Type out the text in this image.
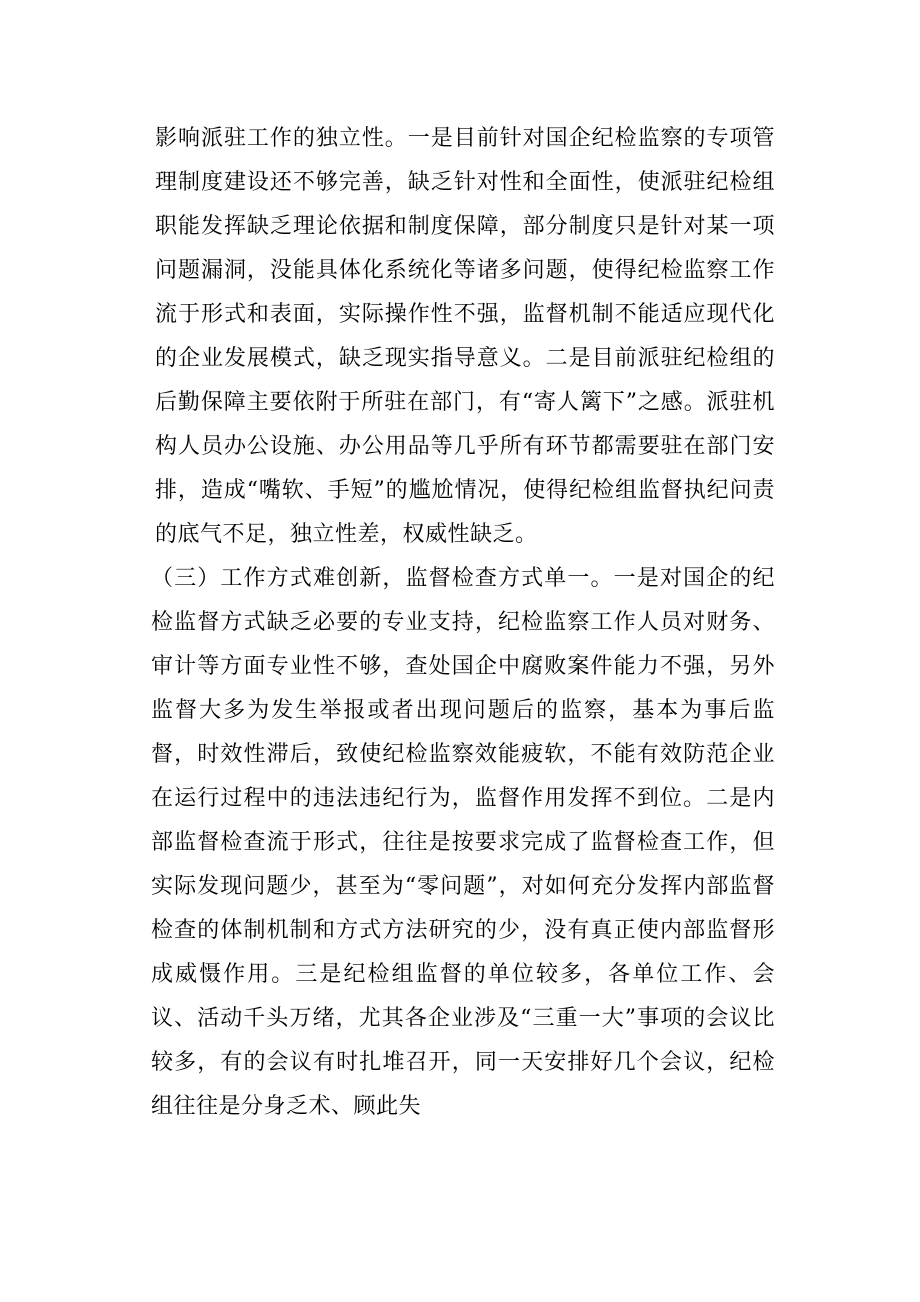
影响派驻工作的独立性。一是目前针对国企纪检监察的专项管理制度建设还不够完善，缺乏针对性和全面性，使派驻纪检组职能发挥缺乏理论依据和制度保障，部分制度只是针对某一项问题漏洞，没能具体化系统化等诸多问题，使得纪检监察工作流于形式和表面，实际操作性不强，监督机制不能适应现代化的企业发展模式，缺乏现实指导意义。二是目前派驻纪检组的后勤保障主要依附于所驻在部门，有“寄人篱下”之感。派驻机构人员办公设施、办公用品等几乎所有环节都需要驻在部门安排，造成“嘴软、手短”的尴尬情况，使得纪检组监督执纪问责的底气不足，独立性差，权威性缺乏。

（三）工作方式难创新，监督检查方式单一。一是对国企的纪检监督方式缺乏必要的专业支持，纪检监察工作人员对财务、审计等方面专业性不够，查处国企中腐败案件能力不强，另外监督大多为发生举报或者出现问题后的监察，基本为事后监督，时效性滞后，致使纪检监察效能疲软，不能有效防范企业在运行过程中的违法违纪行为，监督作用发挥不到位。二是内部监督检查流于形式，往往是按要求完成了监督检查工作，但实际发现问题少，甚至为“零问题”，对如何充分发挥内部监督检查的体制机制和方式方法研究的少，没有真正使内部监督形成威慑作用。三是纪检组监督的单位较多，各单位工作、会议、活动千头万绪，尤其各企业涉及“三重一大”事项的会议比较多，有的会议有时扎堆召开，同一天安排好几个会议，纪检组往往是分身乏术、顾此失
